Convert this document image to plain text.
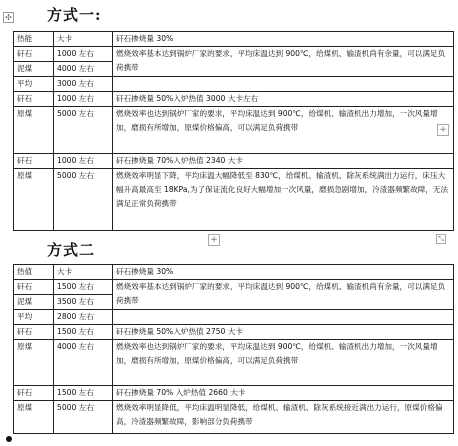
✣ 方式一:
热能	大卡	矸石掺烧量 30%
矸石	1000 左右	燃烧效率基本达到锅炉厂家的要求，平均床温达到 900℃，给煤机、输渣机尚有余量，可以满足负荷携带
泥煤	4000 左右	
平均	3000 左右	
矸石	1000 左右	矸石掺烧量 50%入炉热值 3000 大卡左右
原煤	5000 左右	燃烧效率也达到锅炉厂家的要求，平均床温达到 900℃，给煤机、输渣机出力增加，一次风量增加，磨损有所增加，原煤价格偏高，可以满足负荷携带
矸石	1000 左右	矸石掺烧量 70%入炉热值 2340 大卡
原煤	5000 左右	燃烧效率明显下降，平均床温大幅降低至 830℃，给煤机、输渣机、除灰系统满出力运行，床压大幅升高最高至 18KPa,为了保证流化良好大幅增加一次风量，磨损急剧增加，冷渣器频繁故障，无法满足正常负荷携带
+
+	⤡
方式二
热值	大卡	矸石掺烧量 30%
矸石	1500 左右	燃烧效率基本达到锅炉厂家的要求，平均床温达到 900℃，给煤机、输渣机尚有余量，可以满足负荷携带
泥煤	3500 左右	
平均	2800 左右	
矸石	1500 左右	矸石掺烧量 50%入炉热值 2750 大卡
原煤	4000 左右	燃烧效率也达到锅炉厂家的要求，平均床温达到 900℃，给煤机、输渣机出力增加，一次风量增加，磨损有所增加，原煤价格偏高，可以满足负荷携带
矸石	1500 左右	矸石掺烧量 70% 入炉热值 2660 大卡
原煤	5000 左右	燃烧效率明显降低，平均床温明显降低，给煤机、输渣机、除灰系统接近满出力运行，原煤价格偏高，冷渣器频繁故障，影响部分负荷携带
